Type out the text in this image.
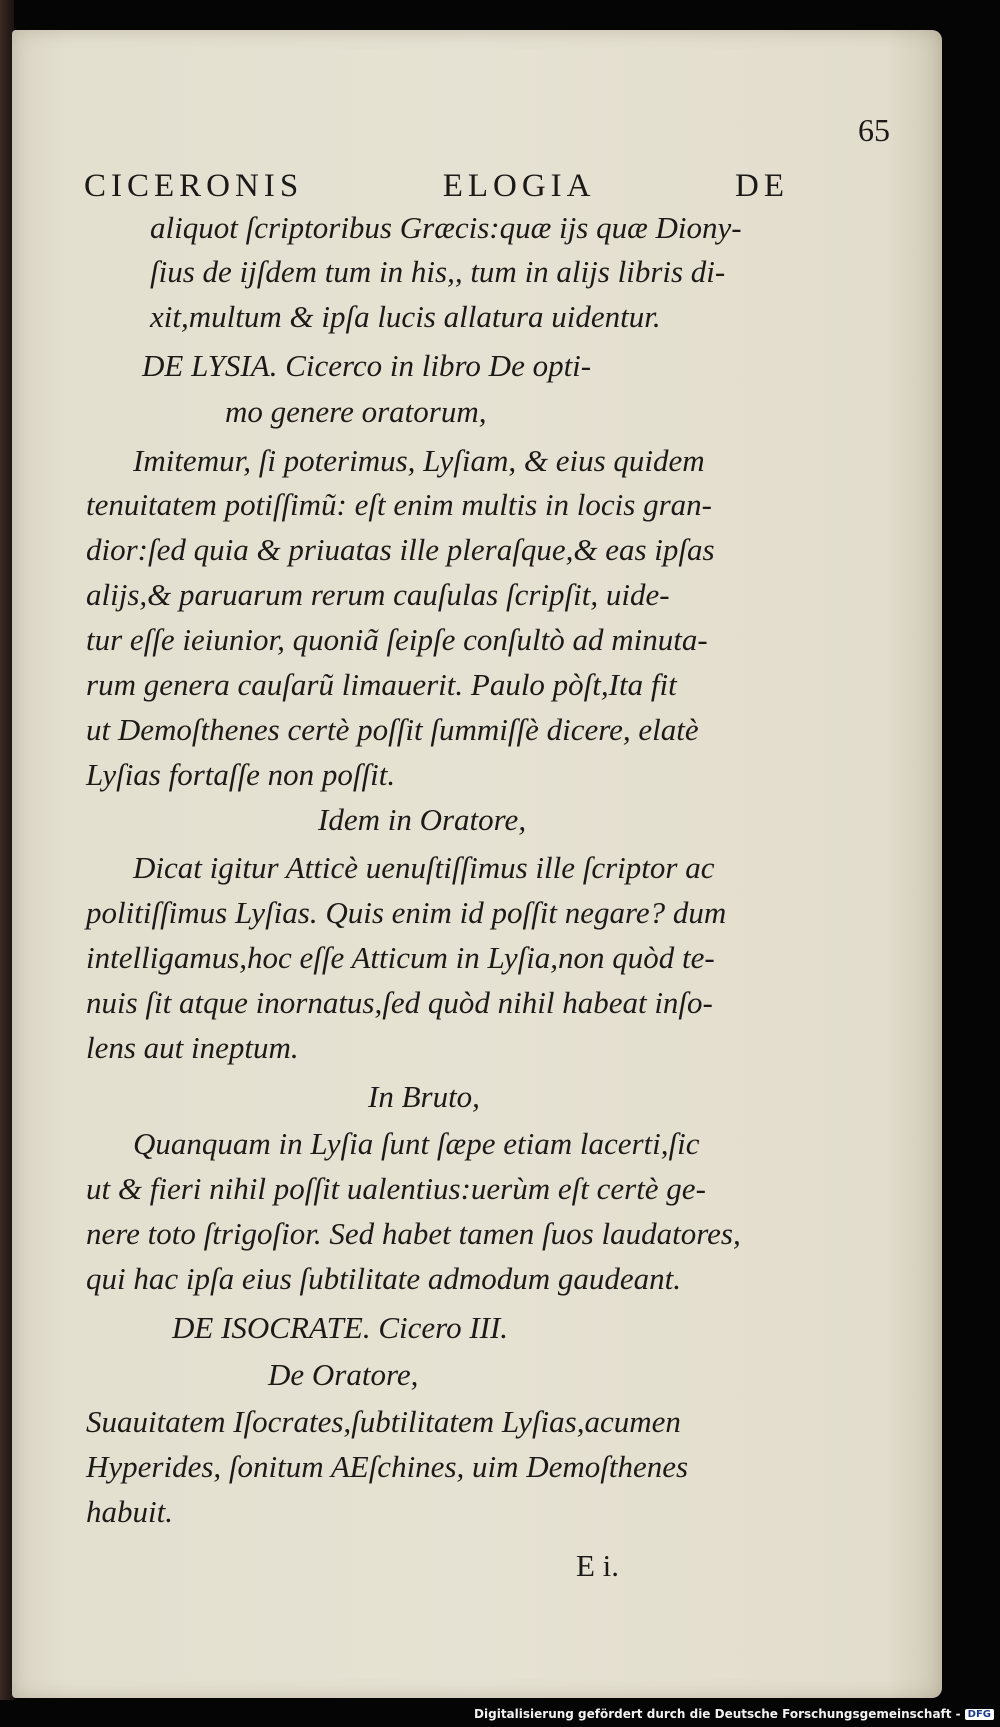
65
CICERONIS	ELOGIA	DE
aliquot ſcriptoribus Græcis:quæ ijs quæ Diony-
ſius de ijſdem tum in his,, tum in alijs libris di-
xit,multum & ipſa lucis allatura uidentur.
DE LYSIA. Cicerco in libro De opti-
mo genere oratorum,
Imitemur, ſi poterimus, Lyſiam, & eius quidem
tenuitatem potiſſimũ: eſt enim multis in locis gran-
dior:ſed quia & priuatas ille pleraſque,& eas ipſas
alijs,& paruarum rerum cauſulas ſcripſit, uide-
tur eſſe ieiunior, quoniã ſeipſe conſultò ad minuta-
rum genera cauſarũ limauerit. Paulo pòſt,Ita fit
ut Demoſthenes certè poſſit ſummiſſè dicere, elatè
Lyſias fortaſſe non poſſit.
Idem in Oratore,
Dicat igitur Atticè uenuſtiſſimus ille ſcriptor ac
politiſſimus Lyſias. Quis enim id poſſit negare? dum
intelligamus,hoc eſſe Atticum in Lyſia,non quòd te-
nuis ſit atque inornatus,ſed quòd nihil habeat inſo-
lens aut ineptum.
In Bruto,
Quanquam in Lyſia ſunt ſæpe etiam lacerti,ſic
ut & fieri nihil poſſit ualentius:uerùm eſt certè ge-
nere toto ſtrigoſior. Sed habet tamen ſuos laudatores,
qui hac ipſa eius ſubtilitate admodum gaudeant.
DE ISOCRATE. Cicero III.
De Oratore,
Suauitatem Iſocrates,ſubtilitatem Lyſias,acumen
Hyperides, ſonitum AEſchines, uim Demoſthenes
habuit.
E i.
Digitalisierung gefördert durch die Deutsche Forschungsgemeinschaft - DFG
